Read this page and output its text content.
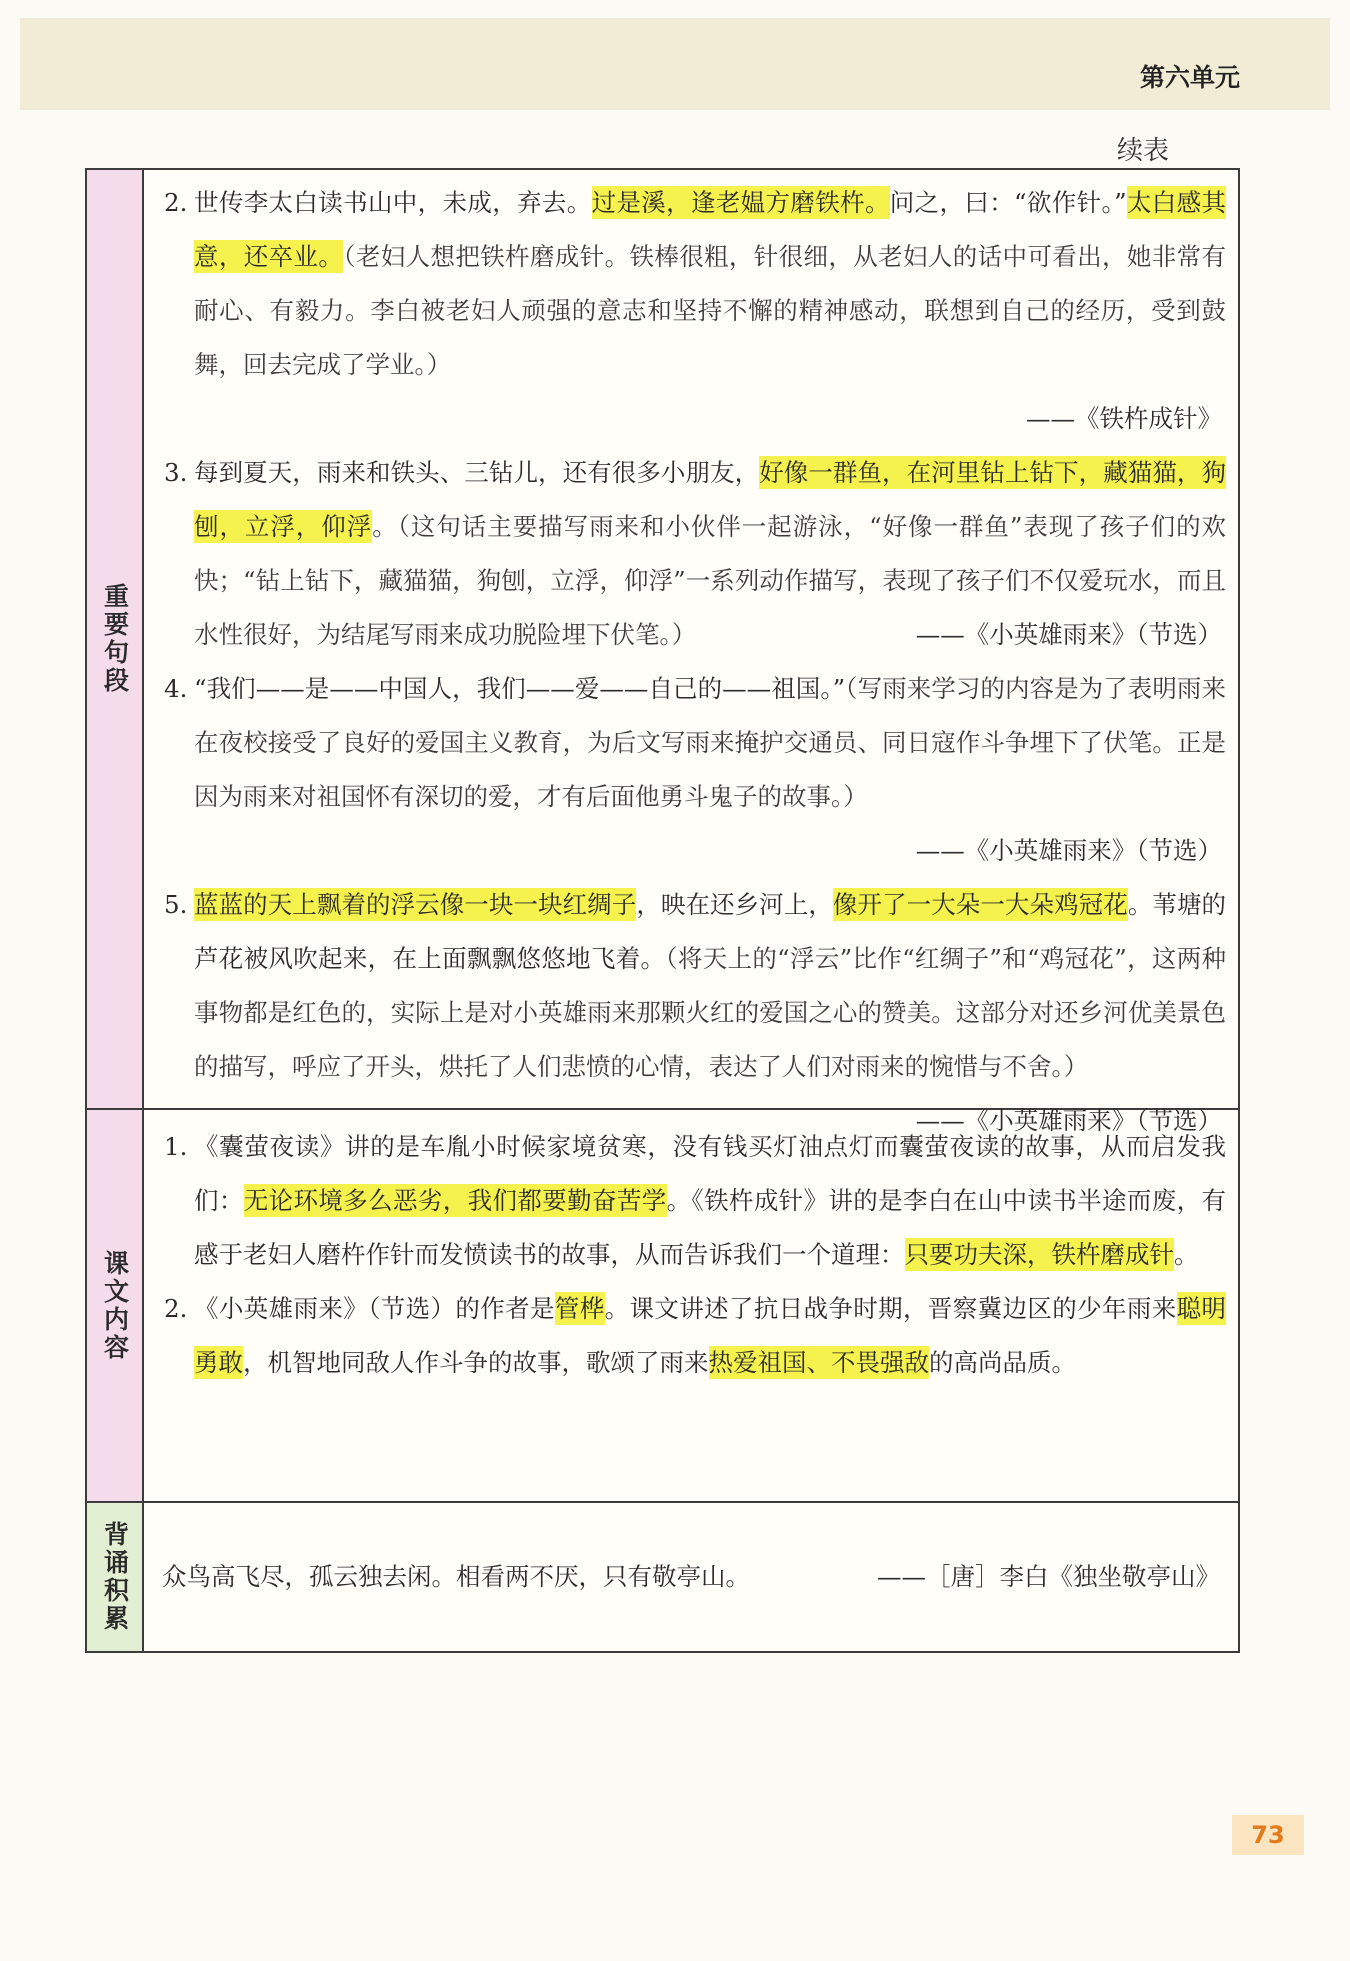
第六单元
续表
重要句段
2. 世传李太白读书山中，未成，弃去。过是溪，逢老媪方磨铁杵。问之，曰：“欲作针。”太白感其意，还卒业。（老妇人想把铁杵磨成针。铁棒很粗，针很细，从老妇人的话中可看出，她非常有耐心、有毅力。李白被老妇人顽强的意志和坚持不懈的精神感动，联想到自己的经历，受到鼓舞，回去完成了学业。）
——《铁杵成针》
3. 每到夏天，雨来和铁头、三钻儿，还有很多小朋友，好像一群鱼，在河里钻上钻下，藏猫猫，狗刨，立浮，仰浮。（这句话主要描写雨来和小伙伴一起游泳，“好像一群鱼”表现了孩子们的欢快；“钻上钻下，藏猫猫，狗刨，立浮，仰浮”一系列动作描写，表现了孩子们不仅爱玩水，而且水性很好，为结尾写雨来成功脱险埋下伏笔。）	——《小英雄雨来》（节选）
4. “我们——是——中国人，我们——爱——自己的——祖国。”（写雨来学习的内容是为了表明雨来在夜校接受了良好的爱国主义教育，为后文写雨来掩护交通员、同日寇作斗争埋下了伏笔。正是因为雨来对祖国怀有深切的爱，才有后面他勇斗鬼子的故事。）
——《小英雄雨来》（节选）
5. 蓝蓝的天上飘着的浮云像一块一块红绸子，映在还乡河上，像开了一大朵一大朵鸡冠花。苇塘的芦花被风吹起来，在上面飘飘悠悠地飞着。（将天上的“浮云”比作“红绸子”和“鸡冠花”，这两种事物都是红色的，实际上是对小英雄雨来那颗火红的爱国之心的赞美。这部分对还乡河优美景色的描写，呼应了开头，烘托了人们悲愤的心情，表达了人们对雨来的惋惜与不舍。）
——《小英雄雨来》（节选）
课文内容
1. 《囊萤夜读》讲的是车胤小时候家境贫寒，没有钱买灯油点灯而囊萤夜读的故事，从而启发我们：无论环境多么恶劣，我们都要勤奋苦学。《铁杵成针》讲的是李白在山中读书半途而废，有感于老妇人磨杵作针而发愤读书的故事，从而告诉我们一个道理：只要功夫深，铁杵磨成针。
2. 《小英雄雨来》（节选）的作者是管桦。课文讲述了抗日战争时期，晋察冀边区的少年雨来聪明勇敢，机智地同敌人作斗争的故事，歌颂了雨来热爱祖国、不畏强敌的高尚品质。
背诵积累 众鸟高飞尽，孤云独去闲。相看两不厌，只有敬亭山。	——［唐］李白《独坐敬亭山》
73
